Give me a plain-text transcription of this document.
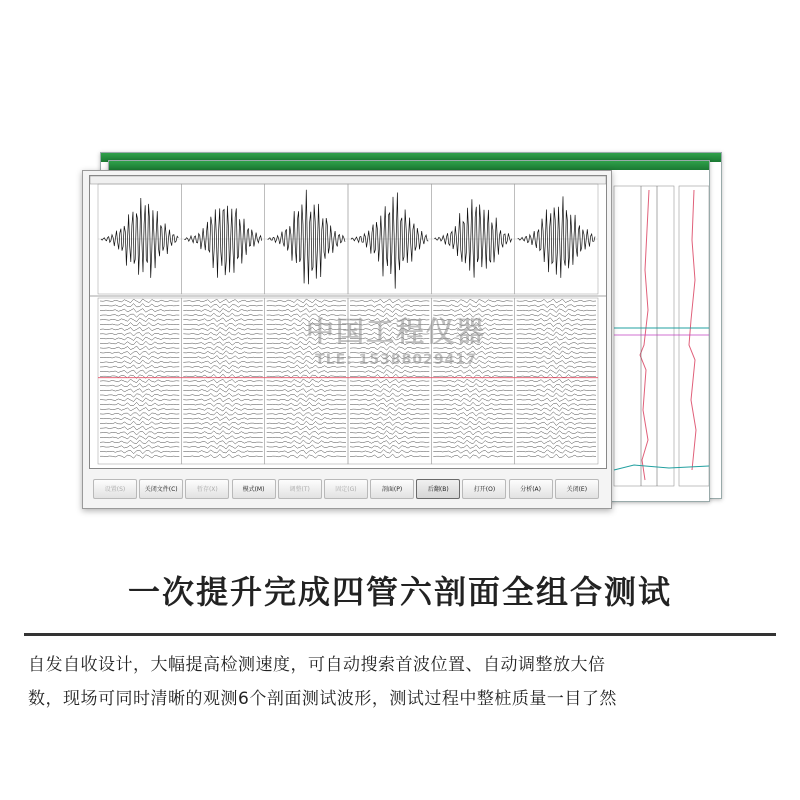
设置(S)	关闭文件(C)	暂存(X)	模式(M)	调整(T)	固定(G)	剖面(P)	后翻(B)	打开(O)	分析(A)	关闭(E)
中国工程仪器
TLE: 15388029417
一次提升完成四管六剖面全组合测试
自发自收设计，大幅提高检测速度，可自动搜索首波位置、自动调整放大倍
数，现场可同时清晰的观测6个剖面测试波形，测试过程中整桩质量一目了然
